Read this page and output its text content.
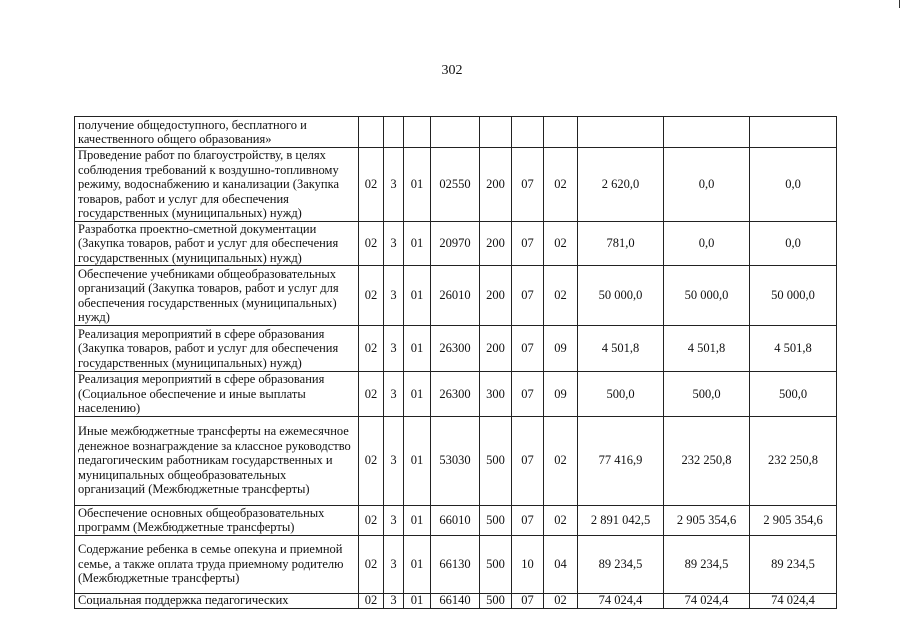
302
получение общедоступного, бесплатного и качественного общего образования»										
Проведение работ по благоустройству, в целях соблюдения требований к воздушно-топливному режиму, водоснабжению и канализации (Закупка товаров, работ и услуг для обеспечения государственных (муниципальных) нужд)	02	3	01	02550	200	07	02	2 620,0	0,0	0,0
Разработка проектно-сметной документации (Закупка товаров, работ и услуг для обеспечения государственных (муниципальных) нужд)	02	3	01	20970	200	07	02	781,0	0,0	0,0
Обеспечение учебниками общеобразовательных организаций (Закупка товаров, работ и услуг для обеспечения государственных (муниципальных) нужд)	02	3	01	26010	200	07	02	50 000,0	50 000,0	50 000,0
Реализация мероприятий в сфере образования (Закупка товаров, работ и услуг для обеспечения государственных (муниципальных) нужд)	02	3	01	26300	200	07	09	4 501,8	4 501,8	4 501,8
Реализация мероприятий в сфере образования (Социальное обеспечение и иные выплаты населению)	02	3	01	26300	300	07	09	500,0	500,0	500,0
Иные межбюджетные трансферты на ежемесячное денежное вознаграждение за классное руководство педагогическим работникам государственных и муниципальных общеобразовательных организаций (Межбюджетные трансферты)	02	3	01	53030	500	07	02	77 416,9	232 250,8	232 250,8
Обеспечение основных общеобразовательных программ (Межбюджетные трансферты)	02	3	01	66010	500	07	02	2 891 042,5	2 905 354,6	2 905 354,6
Содержание ребенка в семье опекуна и приемной семье, а также оплата труда приемному родителю (Межбюджетные трансферты)	02	3	01	66130	500	10	04	89 234,5	89 234,5	89 234,5
Социальная поддержка педагогических	02	3	01	66140	500	07	02	74 024,4	74 024,4	74 024,4
